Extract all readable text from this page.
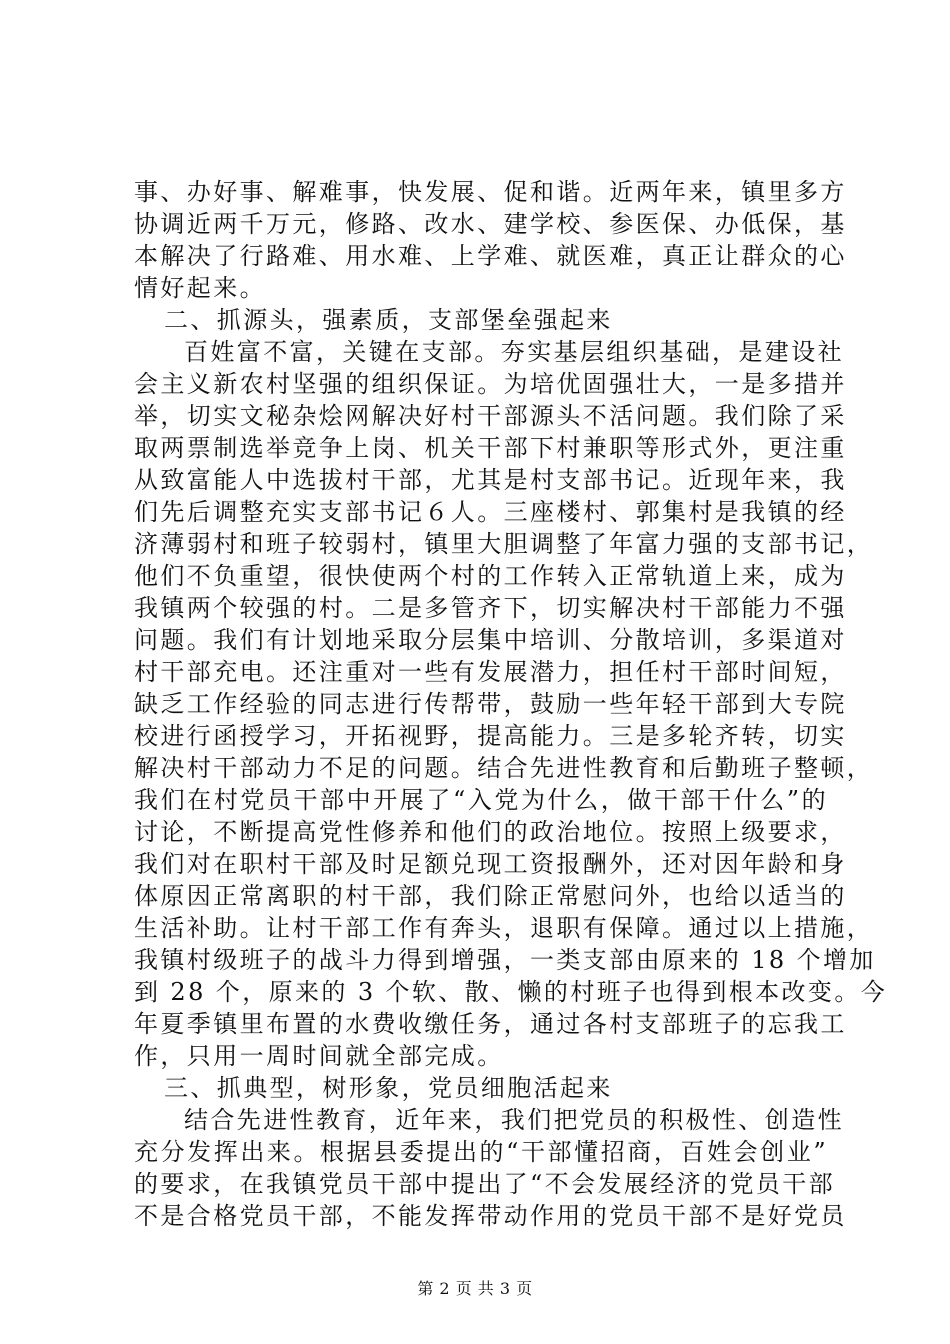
事、办好事、解难事，快发展、促和谐。近两年来，镇里多方
协调近两千万元，修路、改水、建学校、参医保、办低保，基
本解决了行路难、用水难、上学难、就医难，真正让群众的心
情好起来。
二、抓源头，强素质，支部堡垒强起来
百姓富不富，关键在支部。夯实基层组织基础，是建设社
会主义新农村坚强的组织保证。为培优固强壮大，一是多措并
举，切实文秘杂烩网解决好村干部源头不活问题。我们除了采
取两票制选举竞争上岗、机关干部下村兼职等形式外，更注重
从致富能人中选拔村干部，尤其是村支部书记。近现年来，我
们先后调整充实支部书记６人。三座楼村、郭集村是我镇的经
济薄弱村和班子较弱村，镇里大胆调整了年富力强的支部书记，
他们不负重望，很快使两个村的工作转入正常轨道上来，成为
我镇两个较强的村。二是多管齐下，切实解决村干部能力不强
问题。我们有计划地采取分层集中培训、分散培训，多渠道对
村干部充电。还注重对一些有发展潜力，担任村干部时间短，
缺乏工作经验的同志进行传帮带，鼓励一些年轻干部到大专院
校进行函授学习，开拓视野，提高能力。三是多轮齐转，切实
解决村干部动力不足的问题。结合先进性教育和后勤班子整顿，
我们在村党员干部中开展了“入党为什么，做干部干什么”的
讨论，不断提高党性修养和他们的政治地位。按照上级要求，
我们对在职村干部及时足额兑现工资报酬外，还对因年龄和身
体原因正常离职的村干部，我们除正常慰问外，也给以适当的
生活补助。让村干部工作有奔头，退职有保障。通过以上措施，
我镇村级班子的战斗力得到增强，一类支部由原来的 18 个增加
到 28 个，原来的 3 个软、散、懒的村班子也得到根本改变。今
年夏季镇里布置的水费收缴任务，通过各村支部班子的忘我工
作，只用一周时间就全部完成。
三、抓典型，树形象，党员细胞活起来
结合先进性教育，近年来，我们把党员的积极性、创造性
充分发挥出来。根据县委提出的“干部懂招商，百姓会创业”
的要求，在我镇党员干部中提出了“不会发展经济的党员干部
不是合格党员干部，不能发挥带动作用的党员干部不是好党员
第 2 页 共 3 页
